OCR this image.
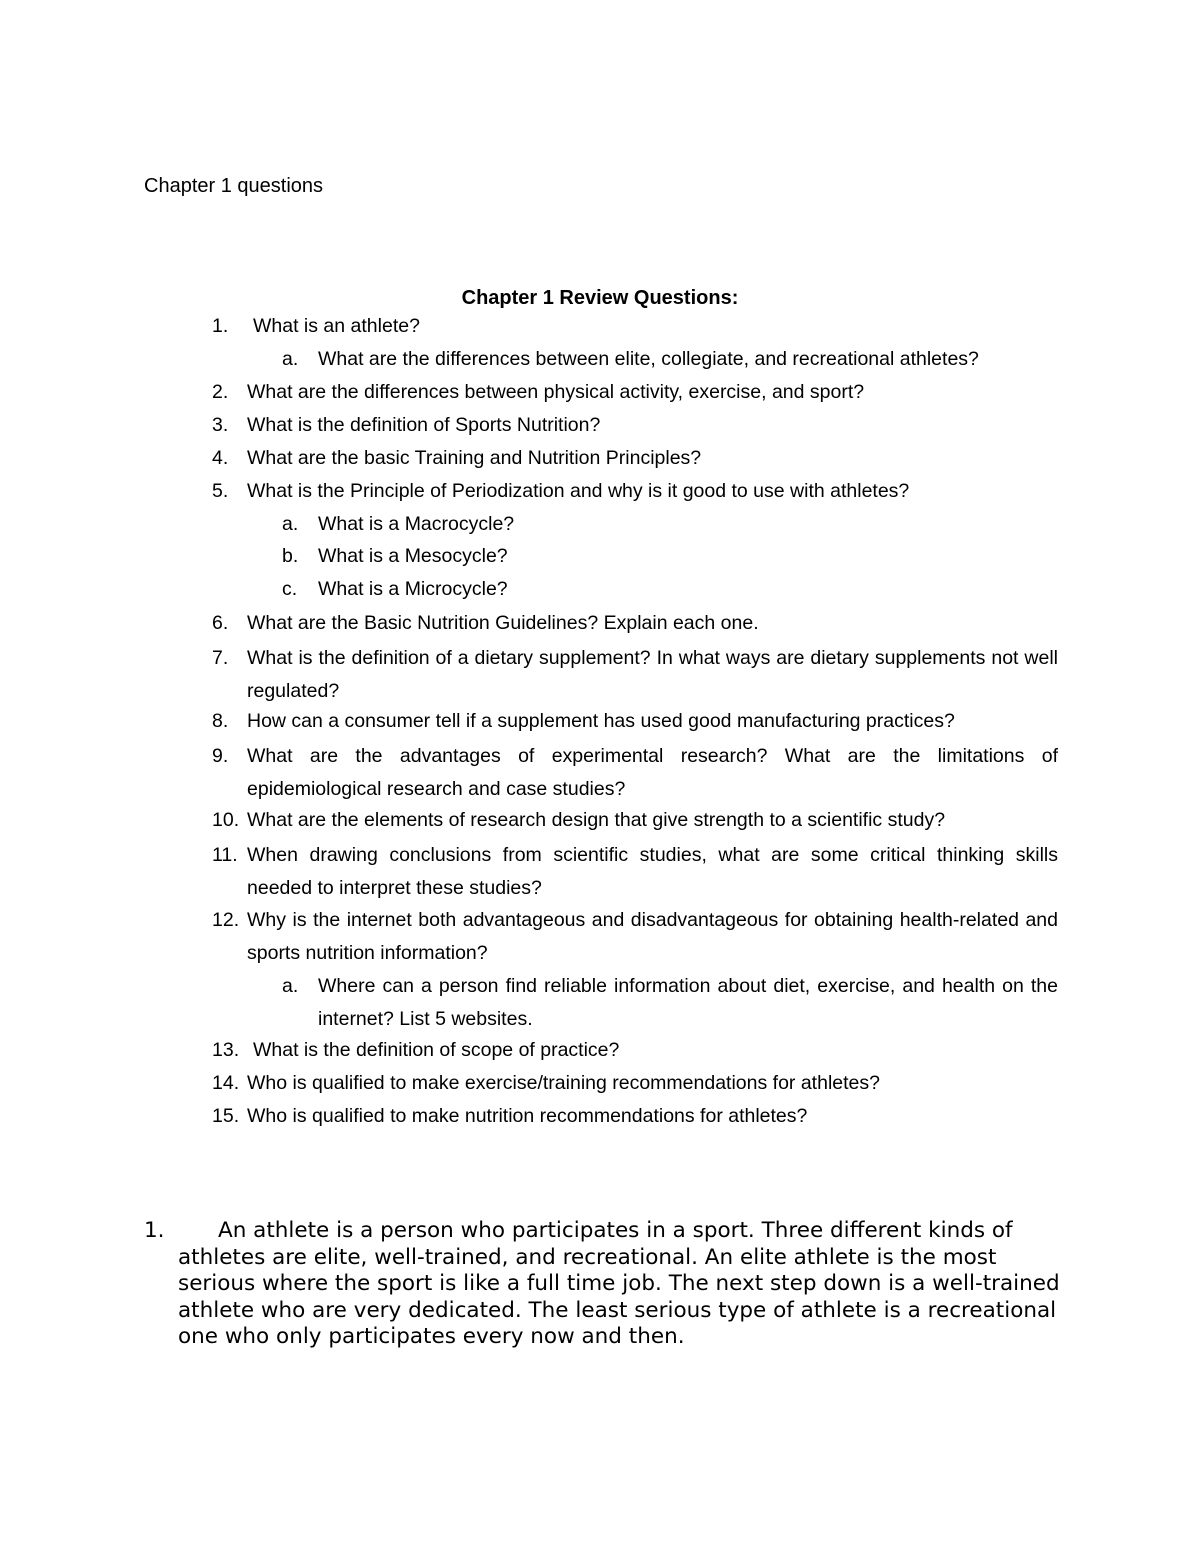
Chapter 1 questions
Chapter 1 Review Questions:
1. What is an athlete?
a. What are the differences between elite, collegiate, and recreational athletes?
2. What are the differences between physical activity, exercise, and sport?
3. What is the definition of Sports Nutrition?
4. What are the basic Training and Nutrition Principles?
5. What is the Principle of Periodization and why is it good to use with athletes?
a. What is a Macrocycle?
b. What is a Mesocycle?
c. What is a Microcycle?
6. What are the Basic Nutrition Guidelines? Explain each one.
7. What is the definition of a dietary supplement? In what ways are dietary supplements not well regulated?
8. How can a consumer tell if a supplement has used good manufacturing practices?
9. What are the advantages of experimental research? What are the limitations of epidemiological research and case studies?
10. What are the elements of research design that give strength to a scientific study?
11. When drawing conclusions from scientific studies, what are some critical thinking skills needed to interpret these studies?
12. Why is the internet both advantageous and disadvantageous for obtaining health-related and sports nutrition information?
a. Where can a person find reliable information about diet, exercise, and health on the internet? List 5 websites.
13. What is the definition of scope of practice?
14. Who is qualified to make exercise/training recommendations for athletes?
15. Who is qualified to make nutrition recommendations for athletes?
1.	An athlete is a person who participates in a sport. Three different kinds of athletes are elite, well-trained, and recreational. An elite athlete is the most serious where the sport is like a full time job. The next step down is a well-trained athlete who are very dedicated. The least serious type of athlete is a recreational one who only participates every now and then.
